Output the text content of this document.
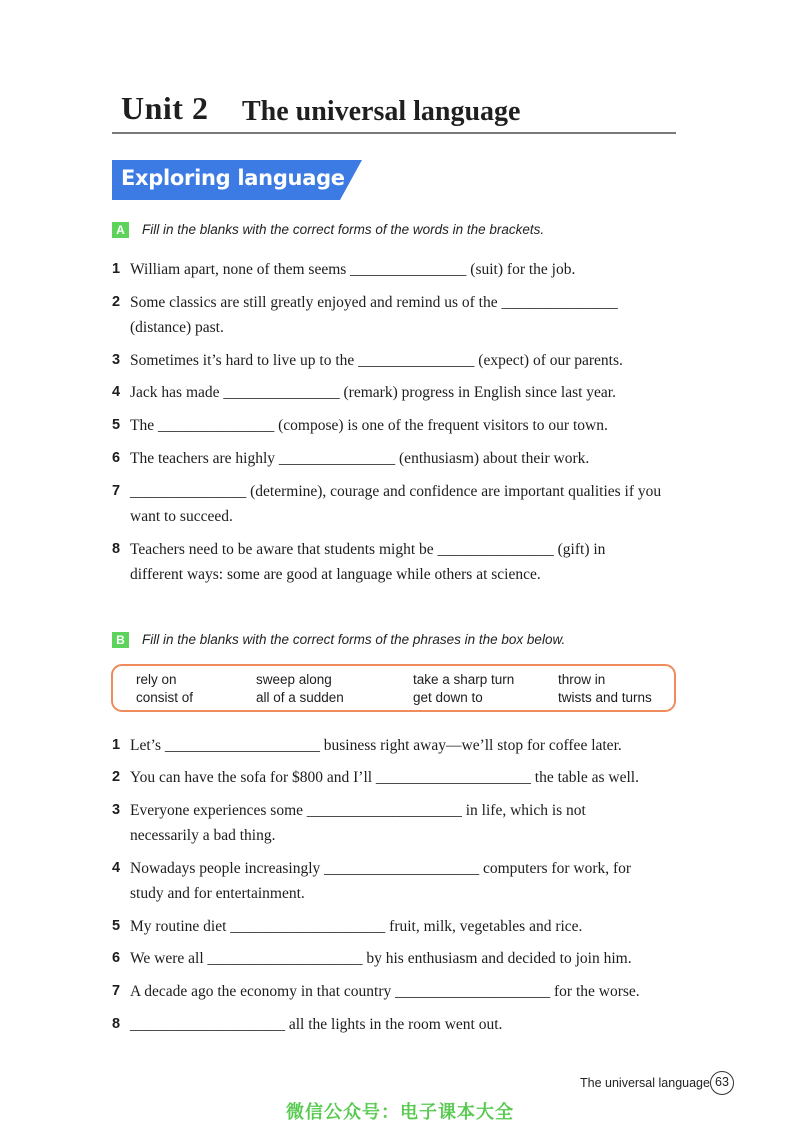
Unit 2 The universal language
Exploring language
A	Fill in the blanks with the correct forms of the words in the brackets.
1 William apart, none of them seems _______________ (suit) for the job.
2 Some classics are still greatly enjoyed and remind us of the _______________ (distance) past.
3 Sometimes it’s hard to live up to the _______________ (expect) of our parents.
4 Jack has made _______________ (remark) progress in English since last year.
5 The _______________ (compose) is one of the frequent visitors to our town.
6 The teachers are highly _______________ (enthusiasm) about their work.
7 _______________ (determine), courage and confidence are important qualities if you want to succeed.
8 Teachers need to be aware that students might be _______________ (gift) in different ways: some are good at language while others at science.
B	Fill in the blanks with the correct forms of the phrases in the box below.
rely on	sweep along	take a sharp turn	throw in
consist of	all of a sudden	get down to	twists and turns
1 Let’s ____________________ business right away—we’ll stop for coffee later.
2 You can have the sofa for $800 and I’ll ____________________ the table as well.
3 Everyone experiences some ____________________ in life, which is not necessarily a bad thing.
4 Nowadays people increasingly ____________________ computers for work, for study and for entertainment.
5 My routine diet ____________________ fruit, milk, vegetables and rice.
6 We were all ____________________ by his enthusiasm and decided to join him.
7 A decade ago the economy in that country ____________________ for the worse.
8 ____________________ all the lights in the room went out.
The universal language 63
微信公众号：电子课本大全
